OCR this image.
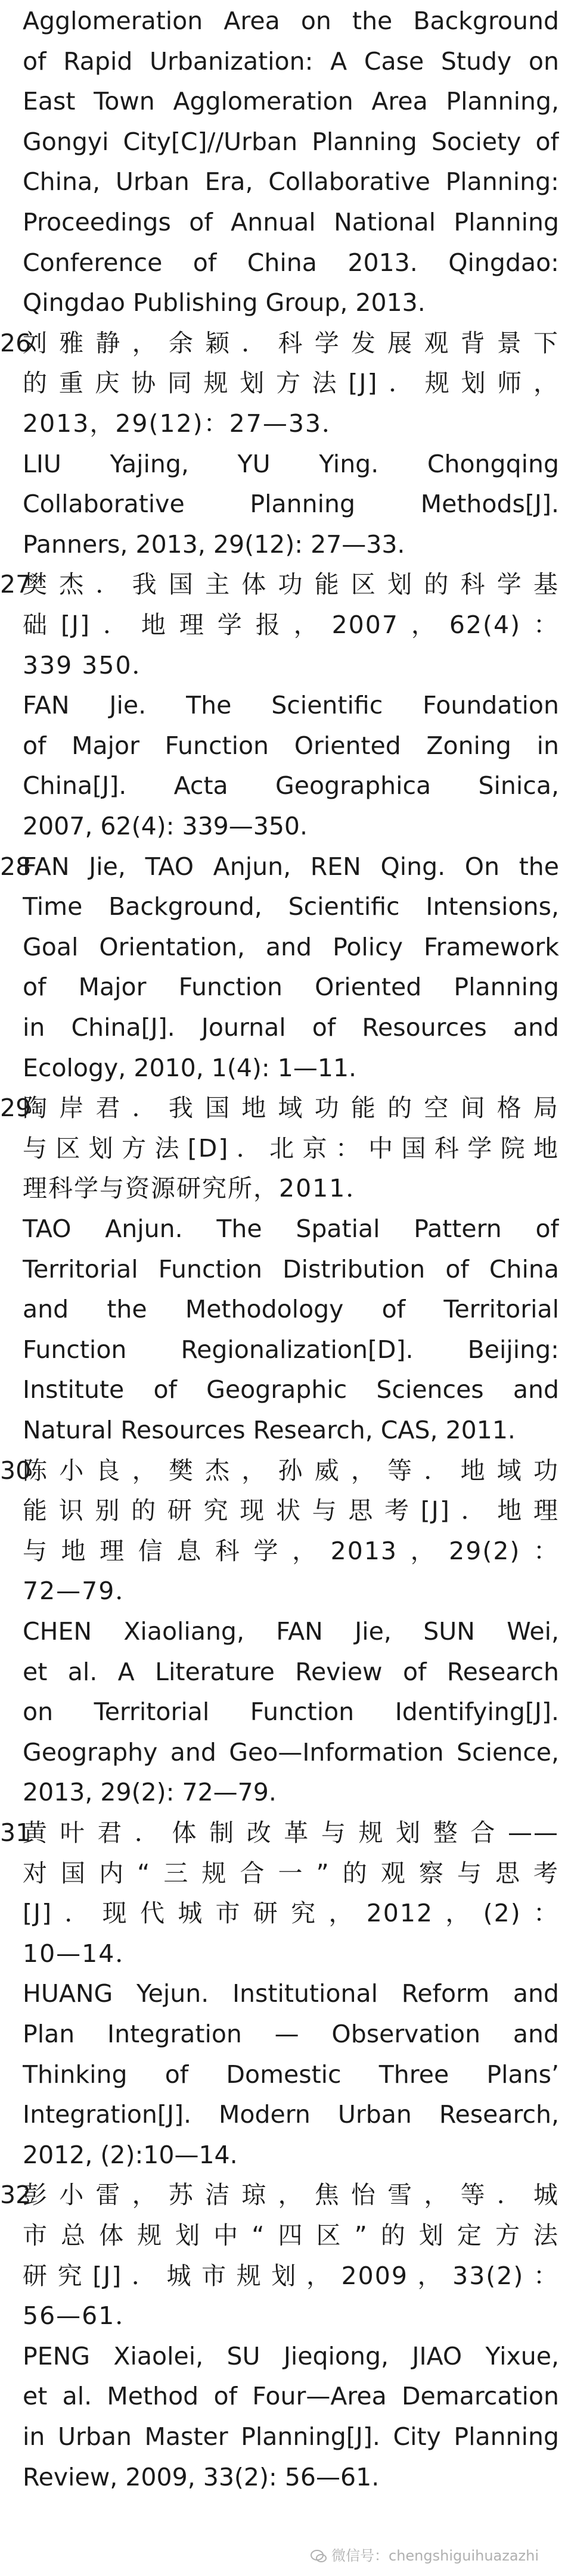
Agglomeration Area on the Background
of Rapid Urbanization: A Case Study on
East Town Agglomeration Area Planning,
Gongyi City[C]//Urban Planning Society of
China, Urban Era, Collaborative Planning:
Proceedings of Annual National Planning
Conference of China 2013. Qingdao:
Qingdao Publishing Group, 2013.
26
刘雅静，余颖．科学发展观背景下
的重庆协同规划方法[J]．规划师，
2013，29(12)：27—33．
LIU Yajing, YU Ying. Chongqing
Collaborative Planning Methods[J].
Panners, 2013, 29(12): 27—33.
27
樊杰．我国主体功能区划的科学基
础[J]．地理学报，2007，62(4)：
339 350．
FAN Jie. The Scientific Foundation
of Major Function Oriented Zoning in
China[J]. Acta Geographica Sinica,
2007, 62(4): 339—350.
28
FAN Jie, TAO Anjun, REN Qing. On the
Time Background, Scientific Intensions,
Goal Orientation, and Policy Framework
of Major Function Oriented Planning
in China[J]. Journal of Resources and
Ecology, 2010, 1(4): 1—11.
29
陶岸君．我国地域功能的空间格局
与区划方法[D]．北京：中国科学院地
理科学与资源研究所，2011．
TAO Anjun. The Spatial Pattern of
Territorial Function Distribution of China
and the Methodology of Territorial
Function Regionalization[D]. Beijing:
Institute of Geographic Sciences and
Natural Resources Research, CAS, 2011.
30
陈小良，樊杰，孙威，等．地域功
能识别的研究现状与思考[J]．地理
与地理信息科学，2013，29(2)：
72—79．
CHEN Xiaoliang, FAN Jie, SUN Wei,
et al. A Literature Review of Research
on Territorial Function Identifying[J].
Geography and Geo—Information Science,
2013, 29(2): 72—79.
31
黄叶君．体制改革与规划整合——
对国内“三规合一”的观察与思考
[J]．现代城市研究，2012，(2)：
10—14．
HUANG Yejun. Institutional Reform and
Plan Integration — Observation and
Thinking of Domestic Three Plans’
Integration[J]. Modern Urban Research,
2012, (2):10—14.
32
彭小雷，苏洁琼，焦怡雪，等．城
市总体规划中“四区”的划定方法
研究[J]．城市规划，2009，33(2)：
56—61．
PENG Xiaolei, SU Jieqiong, JIAO Yixue,
et al. Method of Four—Area Demarcation
in Urban Master Planning[J]. City Planning
Review, 2009, 33(2): 56—61.
微信号：chengshiguihuazazhi
